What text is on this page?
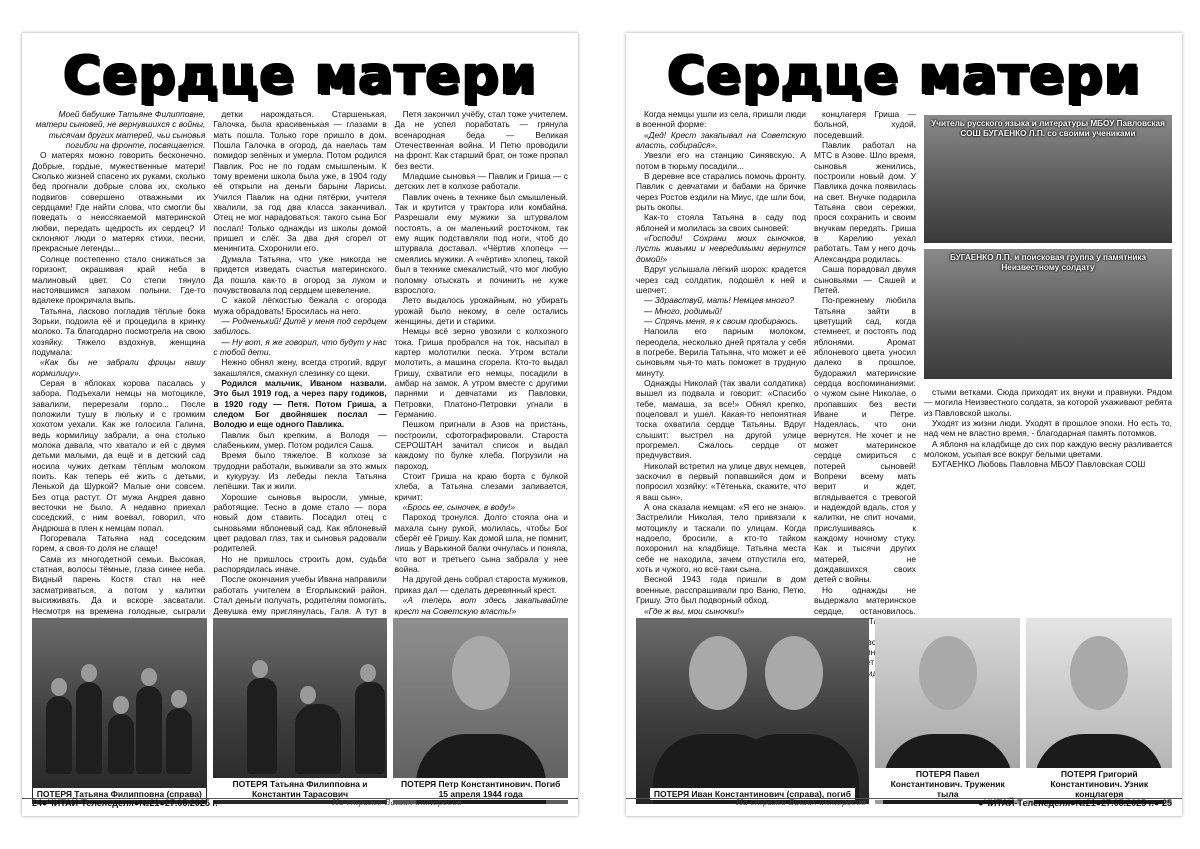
Сердце матери

Моей бабушке Татьяне Филипповне, матери сыновей, не вернувшихся с войны, тысячам других матерей, чьи сыновья погибли на фронте, посвящается.

О матерях можно говорить бесконечно. Добрые, гордые, мужественные матери! Сколько жизней спасено их руками, сколько бед прогнали добрые слова их, сколько подвигов совершено отважными их сердцами! Где найти слова, что смогли бы поведать о неиссякаемой материнской любви, передать щедрость их сердец? И склоняют люди о матерях стихи, песни, прекрасные легенды...

Солнце постепенно стало снижаться за горизонт, окрашивая край неба в малиновый цвет. Со степи тянуло настоявшимся запахом полыни. Где-то вдалеке прокричала выпь.

Татьяна, ласково погладив тёплые бока Зорьки, подоила её и процедила в кринку молоко. Та благодарно посмотрела на свою хозяйку. Тяжело вздохнув, женщина подумала:

«Как бы не забрали фрицы нашу кормилицу».

Серая в яблоках корова пасалась у забора. Подъехали немцы на мотоцикле, завалили, перерезали горло... После положили тушу в люльку и с громким хохотом уехали. Как же голосила Галина, ведь кормилицу забрали, а она столько молока давала, что хватало и ей с двумя детьми малыми, да ещё и в детский сад носила чужих деткам тёплым молоком поить. Как теперь её жить с детьми, Ленькой да Шуркой? Малые они совсем. Без отца растут. От мужа Андрея давно весточки не было. А недавно приехал соседский, с ним воевал, говорил, что Андрюша в плен к немцам попал.

Погоревала Татьяна над соседским горем, а своя-то доля не слаще!

Сама из многодетной семьи. Высокая, статная, волосы тёмные, глаза синее неба. Видный парень Костя стал на неё засматриваться, а потом у калитки высиживать. Да и вскоре засватали. Несмотря на времена голодные, сыграли

детки нарождаться. Старшенькая, Галочка, была красивенькая — глазами в мать пошла. Только горе пришло в дом. Пошла Галочка в огород, да наелась там помидор зелёных и умерла. Потом родился Павлик. Рос не по годам смышленым. К тому времени школа была уже, в 1904 году её открыли на деньги барыни Ларисы. Учился Павлик на одни пятёрки, учителя хвалили, за год два класса заканчивал. Отец не мог нарадоваться: такого сына Бог послал! Только однажды из школы домой пришел и слёг. За два дня сгорел от менингита. Схоронили его.

Думала Татьяна, что уже никогда не придется изведать счастья материнского. Да пошла как-то в огород за луком и почувствовала под сердцем шевеление.

С какой лёгкостью бежала с огорода мужа обрадовать! Бросилась на него.

— Родненький! Дитё у меня под сердцем забилось.

— Ну вот, я же говорил, что будут у нас с тобой дети.

Нежно обнял жену, всегда строгий, вдруг закашлялся, смахнул слезинку со щеки.

Родился мальчик, Иваном назвали. Это был 1919 год, а через пару годиков, в 1920 году — Петя. Потом Гриша, а следом Бог двойняшек послал — Володю и еще одного Павлика.

Павлик был крепким, а Володя — слабеньким, умер. Потом родился Саша.

Время было тяжелое. В колхозе за трудодни работали, выживали за это жмых и кукурузу. Из лебеды пекла Татьяна лепёшки. Так и жили.

Хорошие сыновья выросли, умные, работящие. Тесно в доме стало — пора новый дом ставить. Посадил отец с сыновьями яблоневый сад. Как яблоневый цвет радовал глаз, так и сыновья радовали родителей.

Но не пришлось строить дом, судьба распорядилась иначе.

После окончания учебы Ивана направили работать учителем в Егорлыкский район. Стал деньги получать, родителям помогать. Девушка ему приглянулась, Галя. А тут в

Петя закончил учёбу, стал тоже учителем. Да не успел поработать — грянула всенародная беда — Великая Отечественная война. И Петю проводили на фронт. Как старший брат, он тоже пропал без вести.

Младшие сыновья — Павлик и Гриша — с детских лет в колхозе работали.

Павлик очень в технике был смышленый. Так и крутится у трактора или комбайна. Разрешали ему мужики за штурвалом постоять, а он маленький росточком, так ему ящик подставляли под ноги, чтоб до штурвала доставал. «Чёртив хлопец» — смеялись мужики. А «чёртив» хлопец, такой был в технике смекалистый, что мог любую поломку отыскать и починить не хуже взрослого.

Лето выдалось урожайным, но убирать урожай было некому, в селе остались женщины, дети и старики.

Немцы всё зерно увозили с колхозного тока. Гриша пробрался на ток, насыпал в картер молотилки песка. Утром встали молотить, а машина сгорела. Кто-то выдал Гришу, схватили его немцы, посадили в амбар на замок. А утром вместе с другими парнями и девчатами из Павловки, Петровки, Платоно-Петровки угнали в Германию.

Пешком пригнали в Азов на пристань, построили, сфотографировали. Староста СЕРОШТАН зачитал список и выдал каждому по булке хлеба. Погрузили на пароход.

Стоит Гриша на краю борта с булкой хлеба, а Татьяна слезами заливается, кричит:

«Брось ее, сыночек, в воду!»

Пароход тронулся. Долго стояла она и махала сыну рукой, молилась, чтобы Бог сберёг её Гришу. Как домой шла, не помнит, лишь у Варькиной балки очнулась и поняла, что вот и третьего сына забрала у нее война.

На другой день собрал староста мужиков, приказ дал — сделать деревянный крест.

«А теперь вот здесь закапывайте крест на Советскую власть!»

ПОТЕРЯ Татьяна Филипповна (справа)
ПОТЕРЯ Татьяна Филипповна и Константин Тарасович
ПОТЕРЯ Петр Константинович. Погиб 15 апреля 1944 года
24●ЧИТАЙ-Теленеделя●№21●27.05.2025 г.	На страже Ваших интересов
Сердце матери

Когда немцы ушли из села, пришли люди в военной форме:

«Дед! Крест закапывал на Советскую власть, собирайся».

Увезли его на станцию Синявскую. А потом в тюрьму посадили...

В деревне все старались помочь фронту. Павлик с девчатами и бабами на бричке через Ростов ездили на Миус, где шли бои, рыть окопы.

Как-то стояла Татьяна в саду под яблоней и молилась за своих сыновей:

«Господи! Сохрани моих сыночков, пусть живыми и невредимыми вернутся домой!»

Вдруг услышала лёгкий шорох: крадется через сад солдатик, подошёл к ней и шепчет:

— Здравствуй, мать! Немцев много?

— Много, родимый!

— Спрячь меня, я к своим пробираюсь.

Напоила его парным молоком, переодела, несколько дней прятала у себя в погребе. Верила Татьяна, что может и её сыновьям чья-то мать поможет в трудную минуту.

Однажды Николай (так звали солдатика) вышел из подвала и говорит: «Спасибо тебе, мамаша, за все!» Обнял крепко, поцеловал и ушел. Какая-то непонятная тоска охватила сердце Татьяны. Вдруг слышит: выстрел на другой улице прогремел. Сжалось сердце от предчувствия.

Николай встретил на улице двух немцев, заскочил в первый попавшийся дом и попросил хозяйку: «Тётенька, скажите, что я ваш сын».

А она сказала немцам: «Я его не знаю». Застрелили Николая, тело привязали к мотоциклу и таскали по улицам. Когда надоело, бросили, а кто-то тайком похоронил на кладбище. Татьяна места себе не находила, зачем отпустила его, хоть и чужого, но всё-таки сына.

Весной 1943 года пришли в дом военные, расспрашивали про Ваню, Петю, Гришу. Это был подворный обход.

«Где ж вы, мои сыночки!»

концлагеря Гриша — больной, худой, поседевший.

Павлик работал на МТС в Азове. Шло время, сыновья женились, построили новый дом. У Павлика дочка появилась на свет. Внучке подарила Татьяна свои сережки, прося сохранить и своим внучкам передать. Гриша в Карелию уехал работать. Там у него дочь Александра родилась.

Саша порадовал двумя сыновьями — Сашей и Петей.

По-прежнему любила Татьяна зайти в цветущий сад, когда стемнеет, и постоять под яблонями. Аромат яблоневого цвета уносил далеко в прошлое, будоражил материнские сердца воспоминаниями: о чужом сыне Николае, о пропавших без вести Иване и Петре. Надеялась, что они вернутся. Не хочет и не может материнское сердце смириться с потерей сыновей! Вопреки всему мать верит и ждет, вглядывается с тревогой и надеждой вдаль, стоя у калитки, не спит ночами, прислушиваясь к каждому ночному стуку. Как и тысячи других матерей, не дождавшихся своих детей с войны.

Но однажды не выдержало материнское сердце, остановилось.

Учитель русского языка и литературы МБОУ Павловская СОШ БУГАЕНКО Л.П. со своими учениками
БУГАЕНКО Л.П. и поисковая группа у памятника Неизвестному солдату

стыми ветками. Сюда приходят их внуки и правнуки. Рядом — могила Неизвестного солдата, за которой ухаживают ребята из Павловской школы.

Уходят из жизни люди. Уходят в прошлое эпохи. Но есть то, над чем не властно время, - благодарная память потомков.

А яблоня на кладбище до сих пор каждую весну разливается молоком, усыпая все вокруг белыми цветами.

БУГАЕНКО Любовь Павловна МБОУ Павловская СОШ

ПОТЕРЯ Иван Константинович (справа), погиб
ПОТЕРЯ Павел Константинович. Труженик тыла
ПОТЕРЯ Григорий Константинович. Узник концлагеря
На страже Ваших интересов	●ЧИТАЙ-Теленеделя●№21●27.05.2025 г.● 25
